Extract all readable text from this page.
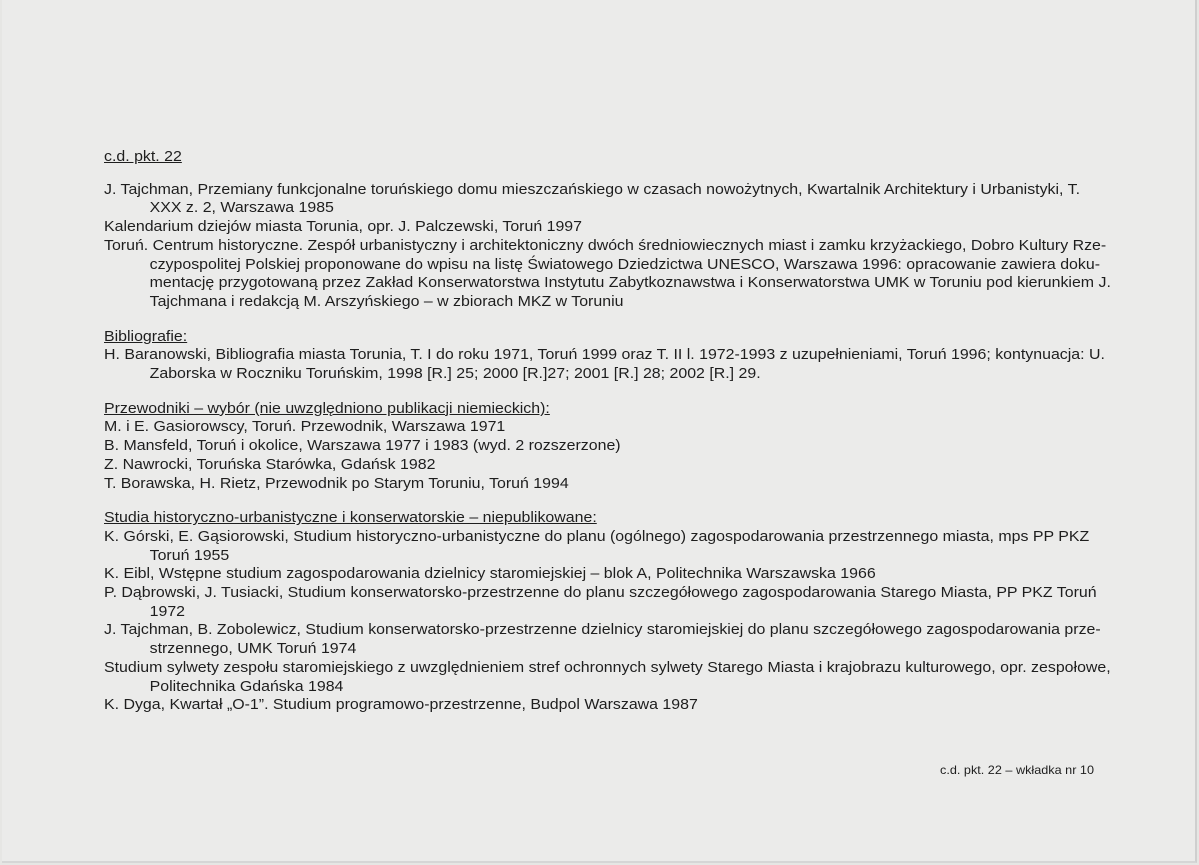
c.d. pkt. 22
J. Tajchman, Przemiany funkcjonalne toruńskiego domu mieszczańskiego w czasach nowożytnych, Kwartalnik Architektury i Urbanistyki, T.
XXX z. 2, Warszawa 1985
Kalendarium dziejów miasta Torunia, opr. J. Palczewski, Toruń 1997
Toruń. Centrum historyczne. Zespół urbanistyczny i architektoniczny dwóch średniowiecznych miast i zamku krzyżackiego, Dobro Kultury Rze-
czypospolitej Polskiej proponowane do wpisu na listę Światowego Dziedzictwa UNESCO, Warszawa 1996: opracowanie zawiera doku-
mentację przygotowaną przez Zakład Konserwatorstwa Instytutu Zabytkoznawstwa i Konserwatorstwa UMK w Toruniu pod kierunkiem J.
Tajchmana i redakcją M. Arszyńskiego – w zbiorach MKZ w Toruniu
Bibliografie:
H. Baranowski, Bibliografia miasta Torunia, T. I do roku 1971, Toruń 1999 oraz T. II l. 1972-1993 z uzupełnieniami, Toruń 1996; kontynuacja: U.
Zaborska w Roczniku Toruńskim, 1998 [R.] 25; 2000 [R.]27; 2001 [R.] 28; 2002 [R.] 29.
Przewodniki – wybór (nie uwzględniono publikacji niemieckich):
M. i E. Gasiorowscy, Toruń. Przewodnik, Warszawa 1971
B. Mansfeld, Toruń i okolice, Warszawa 1977 i 1983 (wyd. 2 rozszerzone)
Z. Nawrocki, Toruńska Starówka, Gdańsk 1982
T. Borawska, H. Rietz, Przewodnik po Starym Toruniu, Toruń 1994
Studia historyczno-urbanistyczne i konserwatorskie – niepublikowane:
K. Górski, E. Gąsiorowski, Studium historyczno-urbanistyczne do planu (ogólnego) zagospodarowania przestrzennego miasta, mps PP PKZ
Toruń 1955
K. Eibl, Wstępne studium zagospodarowania dzielnicy staromiejskiej – blok A, Politechnika Warszawska 1966
P. Dąbrowski, J. Tusiacki, Studium konserwatorsko-przestrzenne do planu szczegółowego zagospodarowania Starego Miasta, PP PKZ Toruń
1972
J. Tajchman, B. Zobolewicz, Studium konserwatorsko-przestrzenne dzielnicy staromiejskiej do planu szczegółowego zagospodarowania prze-
strzennego, UMK Toruń 1974
Studium sylwety zespołu staromiejskiego z uwzględnieniem stref ochronnych sylwety Starego Miasta i krajobrazu kulturowego, opr. zespołowe,
Politechnika Gdańska 1984
K. Dyga, Kwartał „O-1”. Studium programowo-przestrzenne, Budpol Warszawa 1987
c.d. pkt. 22 – wkładka nr 10
